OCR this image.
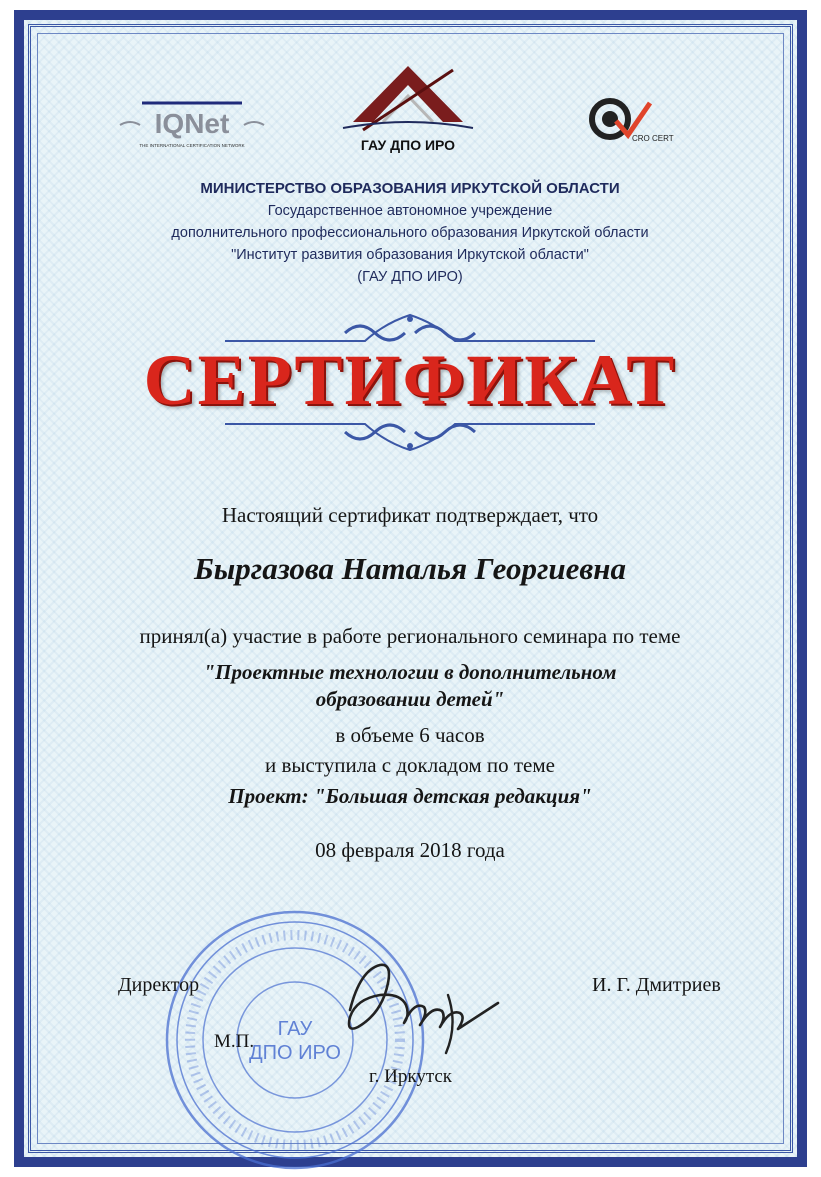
IQNet
THE INTERNATIONAL CERTIFICATION NETWORK	ГАУ ДПО ИРО	CRO CERT
МИНИСТЕРСТВО ОБРАЗОВАНИЯ ИРКУТСКОЙ ОБЛАСТИ
Государственное автономное учреждение
дополнительного профессионального образования Иркутской области
"Институт развития образования Иркутской области"
(ГАУ ДПО ИРО)
СЕРТИФИКАТ
Настоящий сертификат подтверждает, что
Быргазова Наталья Георгиевна
принял(а) участие в работе регионального семинара по теме
"Проектные технологии в дополнительном
образовании детей"
в объеме 6 часов
и выступила с докладом по теме
Проект: "Большая детская редакция"
08 февраля 2018 года
ГАУ
ДПО ИРО
Директор	И. Г. Дмитриев
М.П.
г. Иркутск
